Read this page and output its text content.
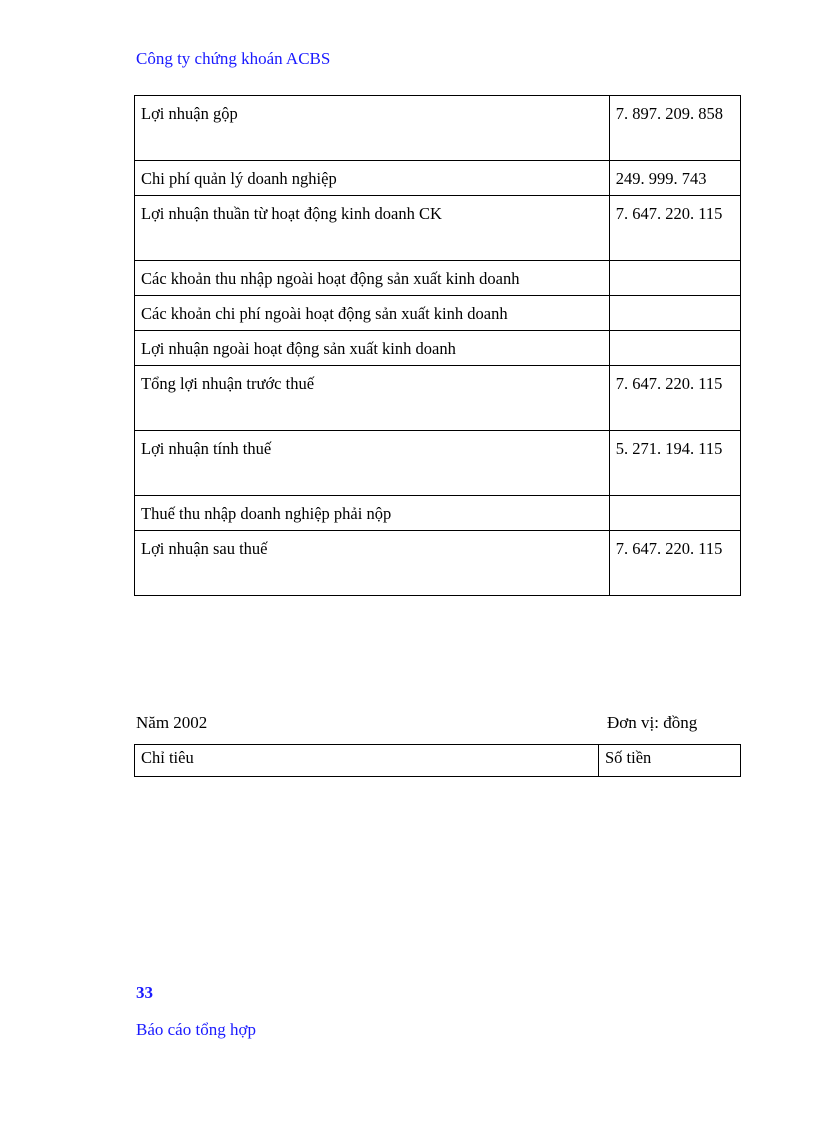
Công ty chứng khoán ACBS
Lợi nhuận gộp	7. 897. 209. 858
Chi phí quản lý doanh nghiệp	249. 999. 743
Lợi nhuận thuần từ hoạt động kinh doanh CK	7. 647. 220. 115
Các khoản thu nhập ngoài hoạt động sản xuất kinh doanh	
Các khoản chi phí ngoài hoạt động sản xuất kinh doanh	
Lợi nhuận ngoài hoạt động sản xuất kinh doanh	
Tổng lợi nhuận trước thuế	7. 647. 220. 115
Lợi nhuận tính thuế	5. 271. 194. 115
Thuế thu nhập doanh nghiệp phải nộp	
Lợi nhuận sau thuế	7. 647. 220. 115
Năm 2002	Đơn vị: đồng
Chỉ tiêu	Số tiền
33
Báo cáo tổng hợp
